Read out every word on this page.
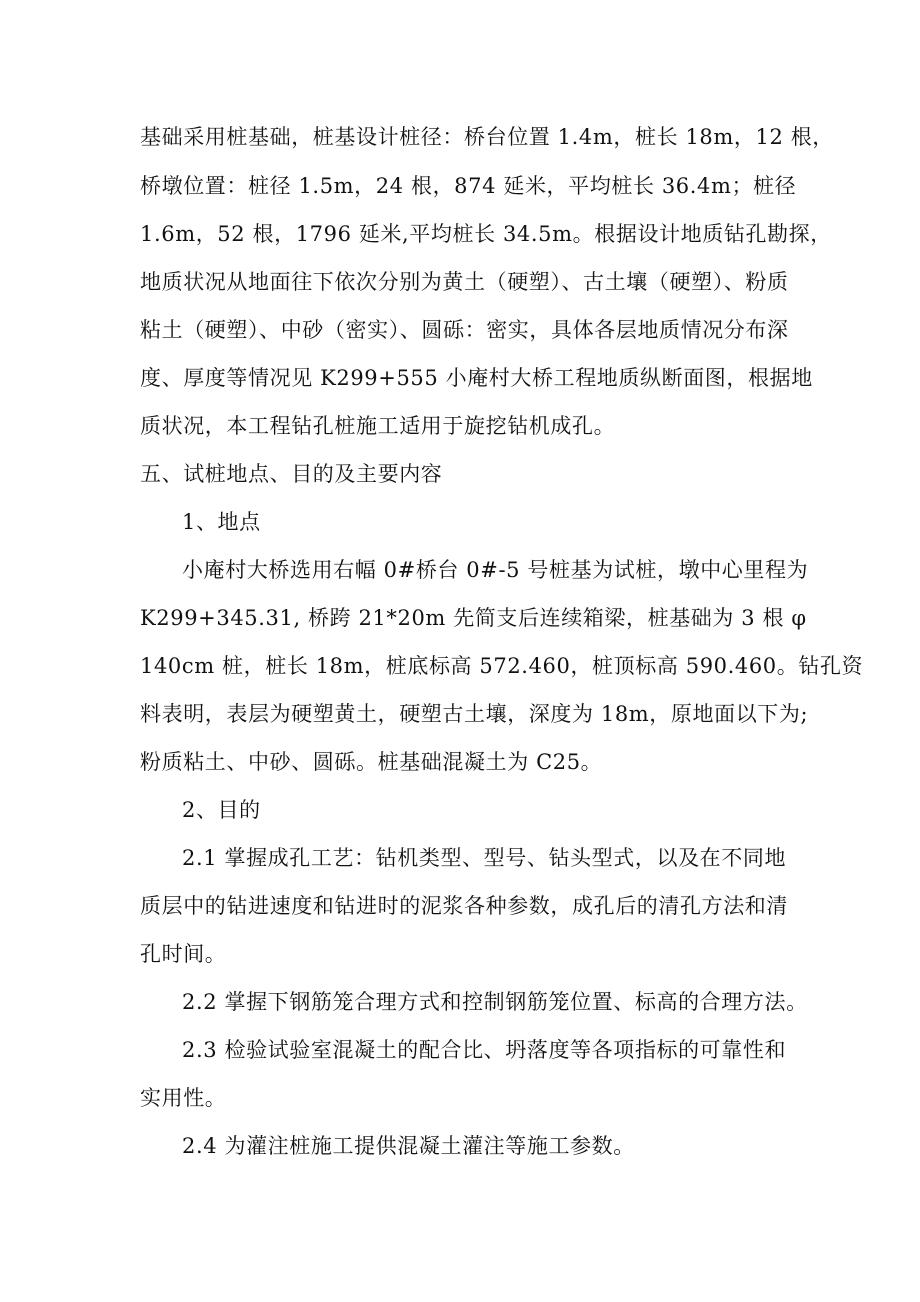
基础采用桩基础，桩基设计桩径：桥台位置 1.4m，桩长 18m，12 根，
桥墩位置：桩径 1.5m，24 根，874 延米，平均桩长 36.4m；桩径
1.6m，52 根，1796 延米,平均桩长 34.5m。根据设计地质钻孔勘探，
地质状况从地面往下依次分别为黄土（硬塑）、古土壤（硬塑）、粉质
粘土（硬塑）、中砂（密实）、圆砾：密实，具体各层地质情况分布深
度、厚度等情况见 K299+555 小庵村大桥工程地质纵断面图，根据地
质状况，本工程钻孔桩施工适用于旋挖钻机成孔。
五、试桩地点、目的及主要内容
1、地点
小庵村大桥选用右幅 0#桥台 0#-5 号桩基为试桩，墩中心里程为
K299+345.31, 桥跨 21*20m 先简支后连续箱梁，桩基础为 3 根 φ
140cm 桩，桩长 18m，桩底标高 572.460，桩顶标高 590.460。钻孔资
料表明，表层为硬塑黄土，硬塑古土壤，深度为 18m，原地面以下为;
粉质粘土、中砂、圆砾。桩基础混凝土为 C25。
2、目的
2.1 掌握成孔工艺：钻机类型、型号、钻头型式，以及在不同地
质层中的钻进速度和钻进时的泥浆各种参数，成孔后的清孔方法和清
孔时间。
2.2 掌握下钢筋笼合理方式和控制钢筋笼位置、标高的合理方法。
2.3 检验试验室混凝土的配合比、坍落度等各项指标的可靠性和
实用性。
2.4 为灌注桩施工提供混凝土灌注等施工参数。
